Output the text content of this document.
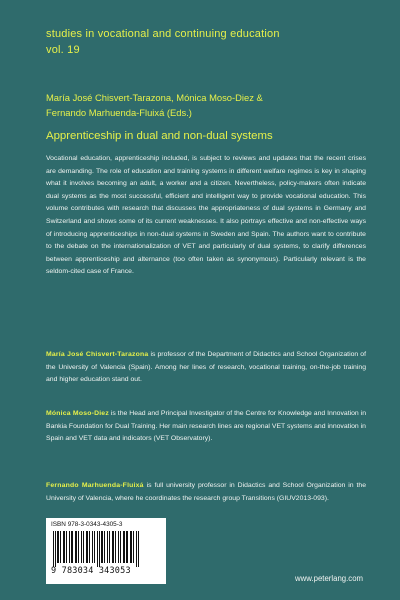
studies in vocational and continuing education
vol. 19
María José Chisvert-Tarazona, Mónica Moso-Diez &
Fernando Marhuenda-Fluixá (Eds.)
Apprenticeship in dual and non-dual systems
Vocational education, apprenticeship included, is subject to reviews and updates that the recent crises are demanding. The role of education and training systems in different welfare regimes is key in shaping what it involves becoming an adult, a worker and a citizen. Nevertheless, policy-makers often indicate dual systems as the most successful, efficient and intelligent way to provide vocational education. This volume contributes with research that discusses the appropriateness of dual systems in Germany and Switzerland and shows some of its current weaknesses. It also portrays effective and non-effective ways of introducing apprenticeships in non-dual systems in Sweden and Spain. The authors want to contribute to the debate on the internationalization of VET and particularly of dual systems, to clarify differences between apprenticeship and alternance (too often taken as synonymous). Particularly relevant is the seldom-cited case of France.
María José Chisvert-Tarazona is professor of the Department of Didactics and School Organization of the University of Valencia (Spain). Among her lines of research, vocational training, on-the-job training and higher education stand out.
Mónica Moso-Diez is the Head and Principal Investigator of the Centre for Knowledge and Innovation in Bankia Foundation for Dual Training. Her main research lines are regional VET systems and innovation in Spain and VET data and indicators (VET Observatory).
Fernando Marhuenda-Fluixá is full university professor in Didactics and School Organization in the University of Valencia, where he coordinates the research group Transitions (GIUV2013-093).
ISBN 978-3-0343-4305-3
9 783034 343053
www.peterlang.com
